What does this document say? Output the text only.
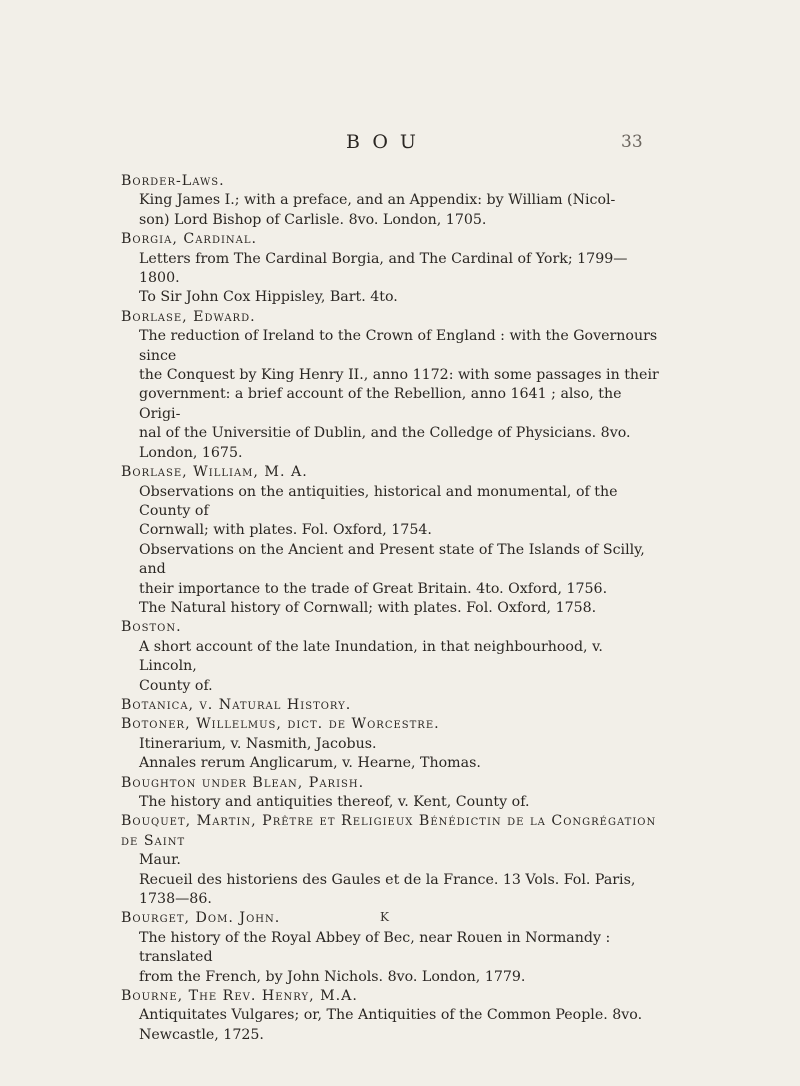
BOU	33
Border-Laws.
King James I.; with a preface, and an Appendix: by William (Nicol-
son) Lord Bishop of Carlisle. 8vo. London, 1705.
Borgia, Cardinal.
Letters from The Cardinal Borgia, and The Cardinal of York; 1799—1800.
To Sir John Cox Hippisley, Bart. 4to.
Borlase, Edward.
The reduction of Ireland to the Crown of England : with the Governours since
the Conquest by King Henry II., anno 1172: with some passages in their
government: a brief account of the Rebellion, anno 1641 ; also, the Origi-
nal of the Universitie of Dublin, and the Colledge of Physicians. 8vo.
London, 1675.
Borlase, William, M. A.
Observations on the antiquities, historical and monumental, of the County of
Cornwall; with plates. Fol. Oxford, 1754.
Observations on the Ancient and Present state of The Islands of Scilly, and
their importance to the trade of Great Britain. 4to. Oxford, 1756.
The Natural history of Cornwall; with plates. Fol. Oxford, 1758.
Boston.
A short account of the late Inundation, in that neighbourhood, v. Lincoln,
County of.
Botanica, v. Natural History.
Botoner, Willelmus, dict. de Worcestre.
Itinerarium, v. Nasmith, Jacobus.
Annales rerum Anglicarum, v. Hearne, Thomas.
Boughton under Blean, Parish.
The history and antiquities thereof, v. Kent, County of.
Bouquet, Martin, Prêtre et Religieux Bénédictin de la Congrégation de Saint
Maur.
Recueil des historiens des Gaules et de la France. 13 Vols. Fol. Paris,
1738—86.
Bourget, Dom. John.
The history of the Royal Abbey of Bec, near Rouen in Normandy : translated
from the French, by John Nichols. 8vo. London, 1779.
Bourne, The Rev. Henry, M.A.
Antiquitates Vulgares; or, The Antiquities of the Common People. 8vo.
Newcastle, 1725.
K
